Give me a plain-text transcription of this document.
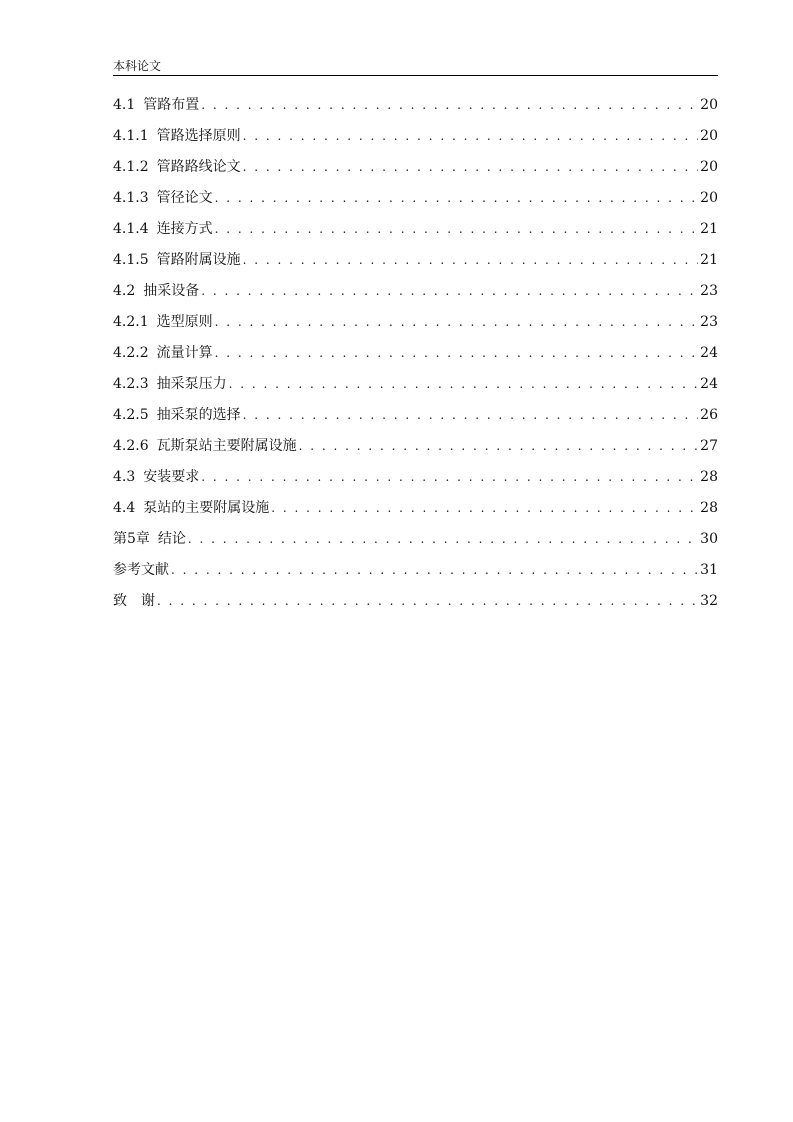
本科论文
4.1 管路布置 . . .	20
4.1.1 管路选择原则 . . .	20
4.1.2 管路路线论文 . . .	20
4.1.3 管径论文 . . .	20
4.1.4 连接方式 . . .	21
4.1.5 管路附属设施 . . .	21
4.2 抽采设备 . . .	23
4.2.1 选型原则 . . .	23
4.2.2 流量计算 . . .	24
4.2.3 抽采泵压力 . . .	24
4.2.5 抽采泵的选择 . . .	26
4.2.6 瓦斯泵站主要附属设施 . . .	27
4.3 安装要求 . . .	28
4.4 泵站的主要附属设施 . . .	28
第5章 结论 . . .	30
参考文献 . . .	31
致　谢 . . .	32
